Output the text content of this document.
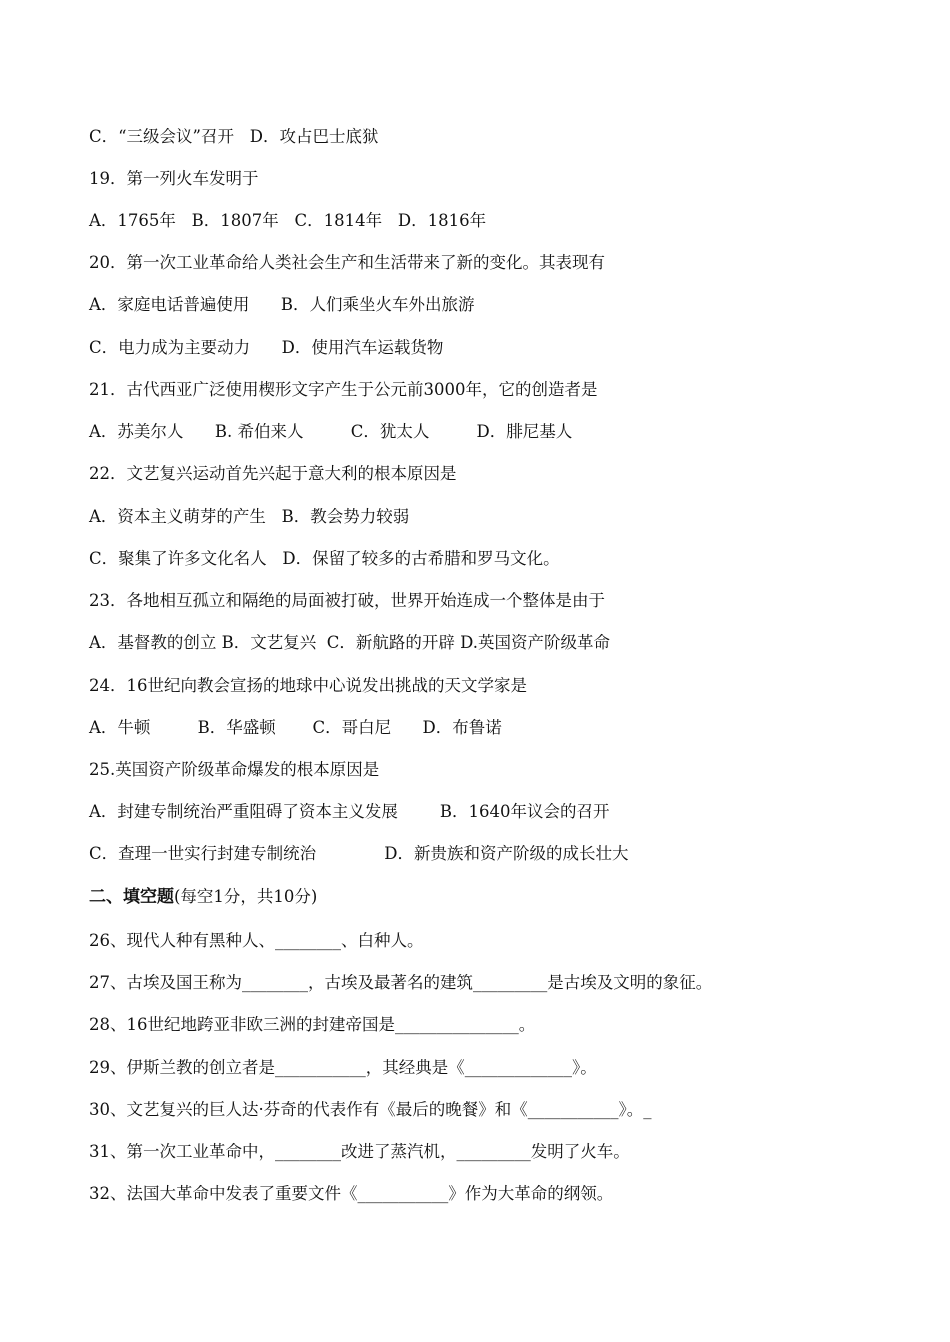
C．“三级会议”召开   D．攻占巴士底狱
19．第一列火车发明于
A．1765年   B．1807年   C．1814年   D．1816年
20．第一次工业革命给人类社会生产和生活带来了新的变化。其表现有
A．家庭电话普遍使用      B．人们乘坐火车外出旅游
C．电力成为主要动力      D．使用汽车运载货物
21．古代西亚广泛使用楔形文字产生于公元前3000年，它的创造者是
A．苏美尔人      B. 希伯来人         C．犹太人         D．腓尼基人
22．文艺复兴运动首先兴起于意大利的根本原因是
A．资本主义萌芽的产生   B．教会势力较弱
C．聚集了许多文化名人   D．保留了较多的古希腊和罗马文化。
23．各地相互孤立和隔绝的局面被打破，世界开始连成一个整体是由于
A．基督教的创立 B．文艺复兴  C．新航路的开辟 D.英国资产阶级革命
24．16世纪向教会宣扬的地球中心说发出挑战的天文学家是
A．牛顿         B．华盛顿       C．哥白尼      D．布鲁诺
25.英国资产阶级革命爆发的根本原因是
A．封建专制统治严重阻碍了资本主义发展        B．1640年议会的召开
C．查理一世实行封建专制统治             D．新贵族和资产阶级的成长壮大
二、填空题(每空1分，共10分)
26、现代人种有黑种人、________、白种人。
27、古埃及国王称为________，古埃及最著名的建筑_________是古埃及文明的象征。
28、16世纪地跨亚非欧三洲的封建帝国是_______________。
29、伊斯兰教的创立者是___________，其经典是《_____________》。
30、文艺复兴的巨人达·芬奇的代表作有《最后的晚餐》和《___________》。_
31、第一次工业革命中，________改进了蒸汽机，_________发明了火车。
32、法国大革命中发表了重要文件《___________》作为大革命的纲领。
